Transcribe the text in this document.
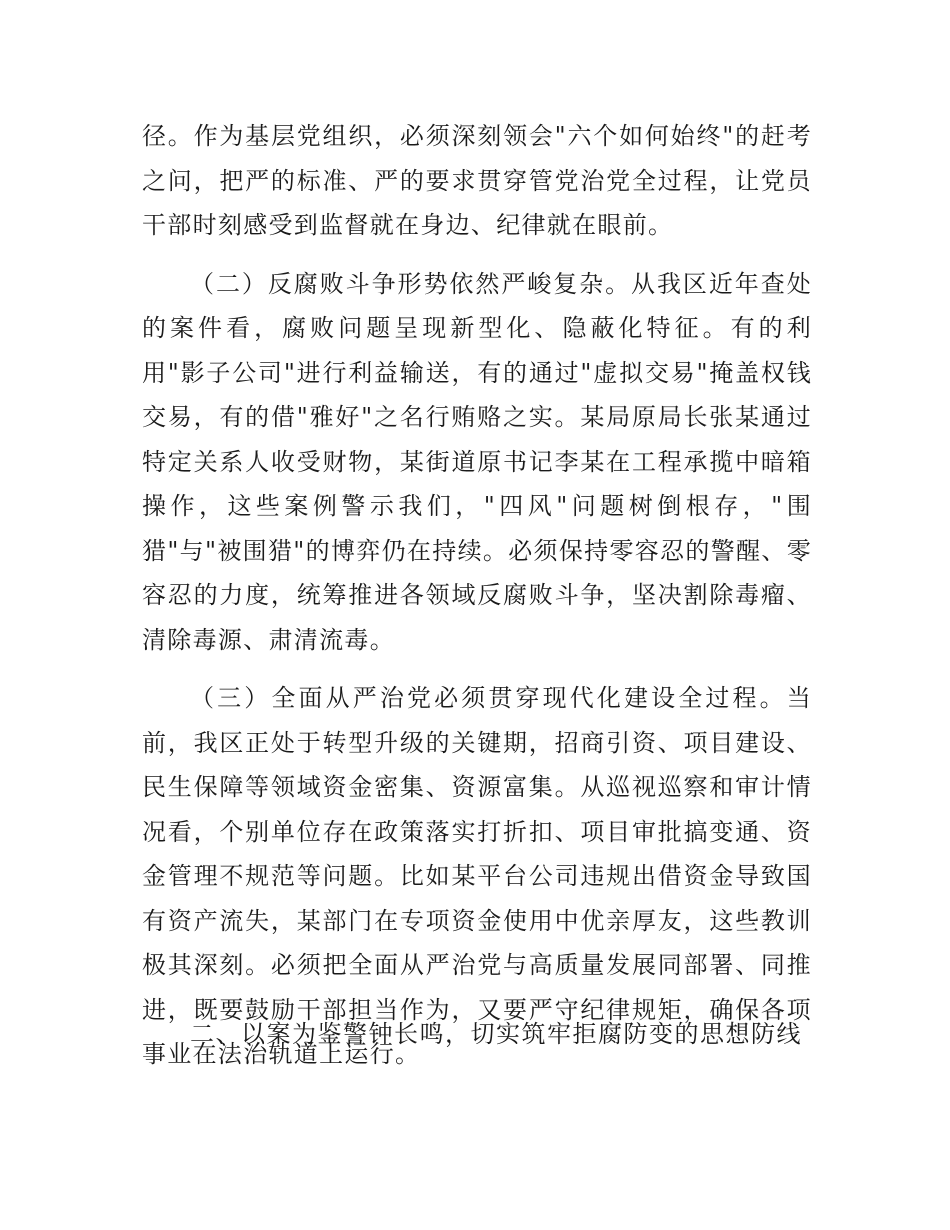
径。作为基层党组织，必须深刻领会"六个如何始终"的赶考之问，把严的标准、严的要求贯穿管党治党全过程，让党员干部时刻感受到监督就在身边、纪律就在眼前。

（二）反腐败斗争形势依然严峻复杂。从我区近年查处的案件看，腐败问题呈现新型化、隐蔽化特征。有的利用"影子公司"进行利益输送，有的通过"虚拟交易"掩盖权钱交易，有的借"雅好"之名行贿赂之实。某局原局长张某通过特定关系人收受财物，某街道原书记李某在工程承揽中暗箱操作，这些案例警示我们，"四风"问题树倒根存，"围猎"与"被围猎"的博弈仍在持续。必须保持零容忍的警醒、零容忍的力度，统筹推进各领域反腐败斗争，坚决割除毒瘤、清除毒源、肃清流毒。

（三）全面从严治党必须贯穿现代化建设全过程。当前，我区正处于转型升级的关键期，招商引资、项目建设、民生保障等领域资金密集、资源富集。从巡视巡察和审计情况看，个别单位存在政策落实打折扣、项目审批搞变通、资金管理不规范等问题。比如某平台公司违规出借资金导致国有资产流失，某部门在专项资金使用中优亲厚友，这些教训极其深刻。必须把全面从严治党与高质量发展同部署、同推进，既要鼓励干部担当作为，又要严守纪律规矩，确保各项事业在法治轨道上运行。

二、以案为鉴警钟长鸣，切实筑牢拒腐防变的思想防线
